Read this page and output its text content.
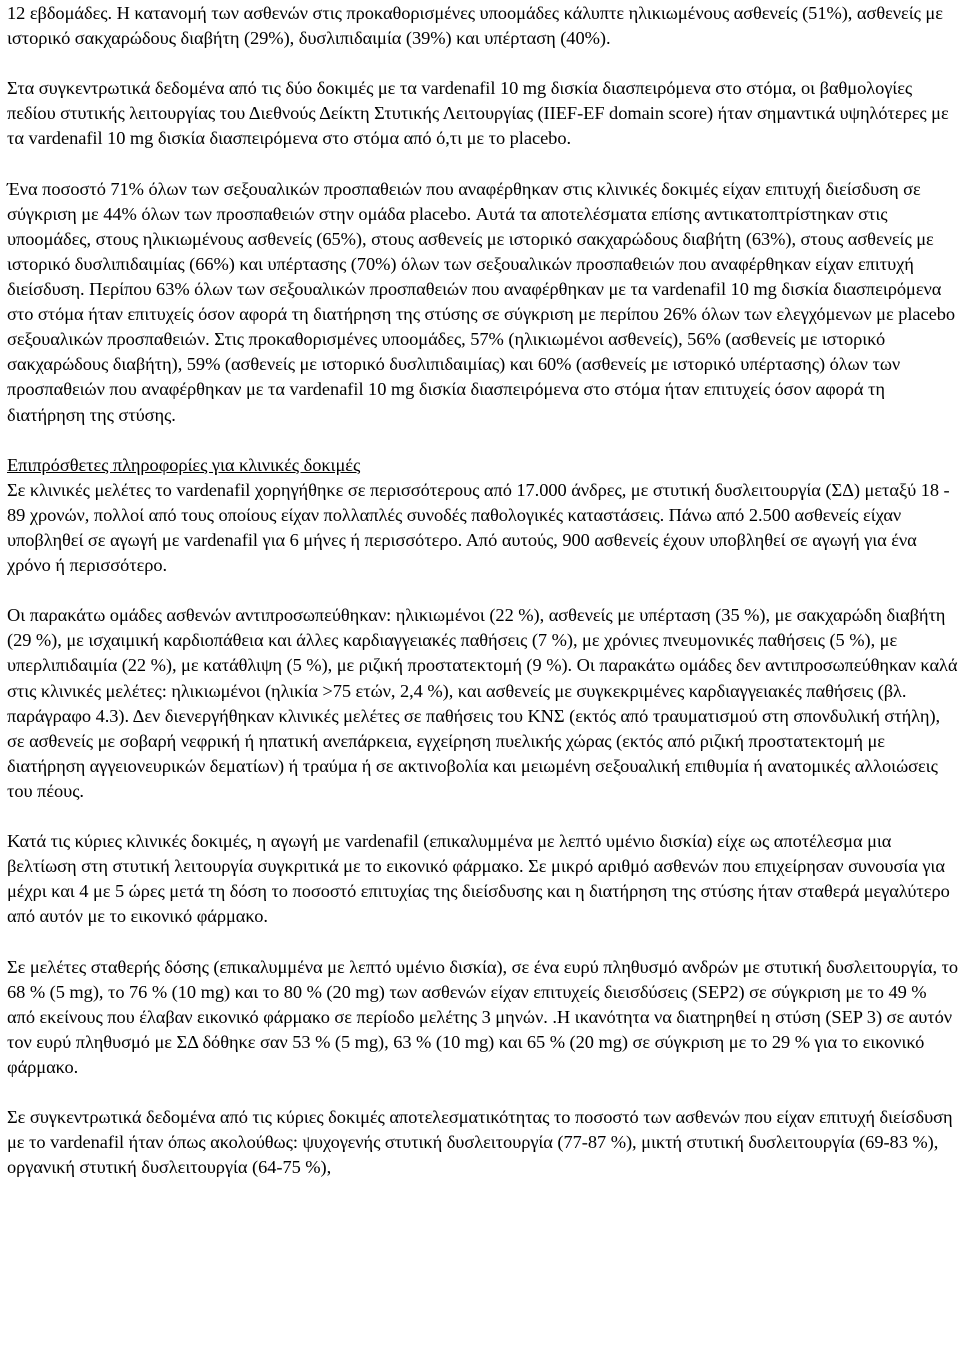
12 εβδομάδες. Η κατανομή των ασθενών στις προκαθορισμένες υποομάδες κάλυπτε ηλικιωμένους ασθενείς (51%), ασθενείς με ιστορικό σακχαρώδους διαβήτη (29%), δυσλιπιδαιμία (39%) και υπέρταση (40%).

Στα συγκεντρωτικά δεδομένα από τις δύο δοκιμές με τα vardenafil 10 mg δισκία διασπειρόμενα στο στόμα, οι βαθμολογίες πεδίου στυτικής λειτουργίας του Διεθνούς Δείκτη Στυτικής Λειτουργίας (IIEF-EF domain score) ήταν σημαντικά υψηλότερες με τα vardenafil 10 mg δισκία διασπειρόμενα στο στόμα από ό,τι με το placebo.

Ένα ποσοστό 71% όλων των σεξουαλικών προσπαθειών που αναφέρθηκαν στις κλινικές δοκιμές είχαν επιτυχή διείσδυση σε σύγκριση με 44% όλων των προσπαθειών στην ομάδα placebo. Αυτά τα αποτελέσματα επίσης αντικατοπτρίστηκαν στις υποομάδες, στους ηλικιωμένους ασθενείς (65%), στους ασθενείς με ιστορικό σακχαρώδους διαβήτη (63%), στους ασθενείς με ιστορικό δυσλιπιδαιμίας (66%) και υπέρτασης (70%) όλων των σεξουαλικών προσπαθειών που αναφέρθηκαν είχαν επιτυχή διείσδυση. Περίπου 63% όλων των σεξουαλικών προσπαθειών που αναφέρθηκαν με τα vardenafil 10 mg δισκία διασπειρόμενα στο στόμα ήταν επιτυχείς όσον αφορά τη διατήρηση της στύσης σε σύγκριση με περίπου 26% όλων των ελεγχόμενων με placebo σεξουαλικών προσπαθειών. Στις προκαθορισμένες υποομάδες, 57% (ηλικιωμένοι ασθενείς), 56% (ασθενείς με ιστορικό σακχαρώδους διαβήτη), 59% (ασθενείς με ιστορικό δυσλιπιδαιμίας) και 60% (ασθενείς με ιστορικό υπέρτασης) όλων των προσπαθειών που αναφέρθηκαν με τα vardenafil 10 mg δισκία διασπειρόμενα στο στόμα ήταν επιτυχείς όσον αφορά τη διατήρηση της στύσης.

Επιπρόσθετες πληροφορίες για κλινικές δοκιμές

Σε κλινικές μελέτες το vardenafil χορηγήθηκε σε περισσότερους από 17.000 άνδρες, με στυτική δυσλειτουργία (ΣΔ) μεταξύ 18 - 89 χρονών, πολλοί από τους οποίους είχαν πολλαπλές συνοδές παθολογικές καταστάσεις. Πάνω από 2.500 ασθενείς είχαν υποβληθεί σε αγωγή με vardenafil για 6 μήνες ή περισσότερο. Από αυτούς, 900 ασθενείς έχουν υποβληθεί σε αγωγή για ένα χρόνο ή περισσότερο.

Οι παρακάτω ομάδες ασθενών αντιπροσωπεύθηκαν: ηλικιωμένοι (22 %), ασθενείς με υπέρταση (35 %), με σακχαρώδη διαβήτη (29 %), με ισχαιμική καρδιοπάθεια και άλλες καρδιαγγειακές παθήσεις (7 %), με χρόνιες πνευμονικές παθήσεις (5 %), με υπερλιπιδαιμία (22 %), με κατάθλιψη (5 %), με ριζική προστατεκτομή (9 %). Οι παρακάτω ομάδες δεν αντιπροσωπεύθηκαν καλά στις κλινικές μελέτες: ηλικιωμένοι (ηλικία >75 ετών, 2,4 %), και ασθενείς με συγκεκριμένες καρδιαγγειακές παθήσεις (βλ. παράγραφο 4.3). Δεν διενεργήθηκαν κλινικές μελέτες σε παθήσεις του ΚΝΣ (εκτός από τραυματισμού στη σπονδυλική στήλη), σε ασθενείς με σοβαρή νεφρική ή ηπατική ανεπάρκεια, εγχείρηση πυελικής χώρας (εκτός από ριζική προστατεκτομή με διατήρηση αγγειονευρικών δεματίων) ή τραύμα ή σε ακτινοβολία και μειωμένη σεξουαλική επιθυμία ή ανατομικές αλλοιώσεις του πέους.

Κατά τις κύριες κλινικές δοκιμές, η αγωγή με vardenafil (επικαλυμμένα με λεπτό υμένιο δισκία) είχε ως αποτέλεσμα μια βελτίωση στη στυτική λειτουργία συγκριτικά με το εικονικό φάρμακο. Σε μικρό αριθμό ασθενών που επιχείρησαν συνουσία για μέχρι και 4 με 5 ώρες μετά τη δόση το ποσοστό επιτυχίας της διείσδυσης και η διατήρηση της στύσης ήταν σταθερά μεγαλύτερο από αυτόν με το εικονικό φάρμακο.

Σε μελέτες σταθερής δόσης (επικαλυμμένα με λεπτό υμένιο δισκία), σε ένα ευρύ πληθυσμό ανδρών με στυτική δυσλειτουργία, το 68 % (5 mg), το 76 % (10 mg) και το 80 % (20 mg) των ασθενών είχαν επιτυχείς διεισδύσεις (SEP2) σε σύγκριση με το 49 % από εκείνους που έλαβαν εικονικό φάρμακο σε περίοδο μελέτης 3 μηνών. .Η ικανότητα να διατηρηθεί η στύση (SEP 3) σε αυτόν τον ευρύ πληθυσμό με ΣΔ δόθηκε σαν 53 % (5 mg), 63 % (10 mg) και 65 % (20 mg) σε σύγκριση με το 29 % για το εικονικό φάρμακο.

Σε συγκεντρωτικά δεδομένα από τις κύριες δοκιμές αποτελεσματικότητας το ποσοστό των ασθενών που είχαν επιτυχή διείσδυση με το vardenafil ήταν όπως ακολούθως: ψυχογενής στυτική δυσλειτουργία (77-87 %), μικτή στυτική δυσλειτουργία (69-83 %), οργανική στυτική δυσλειτουργία (64-75 %),
